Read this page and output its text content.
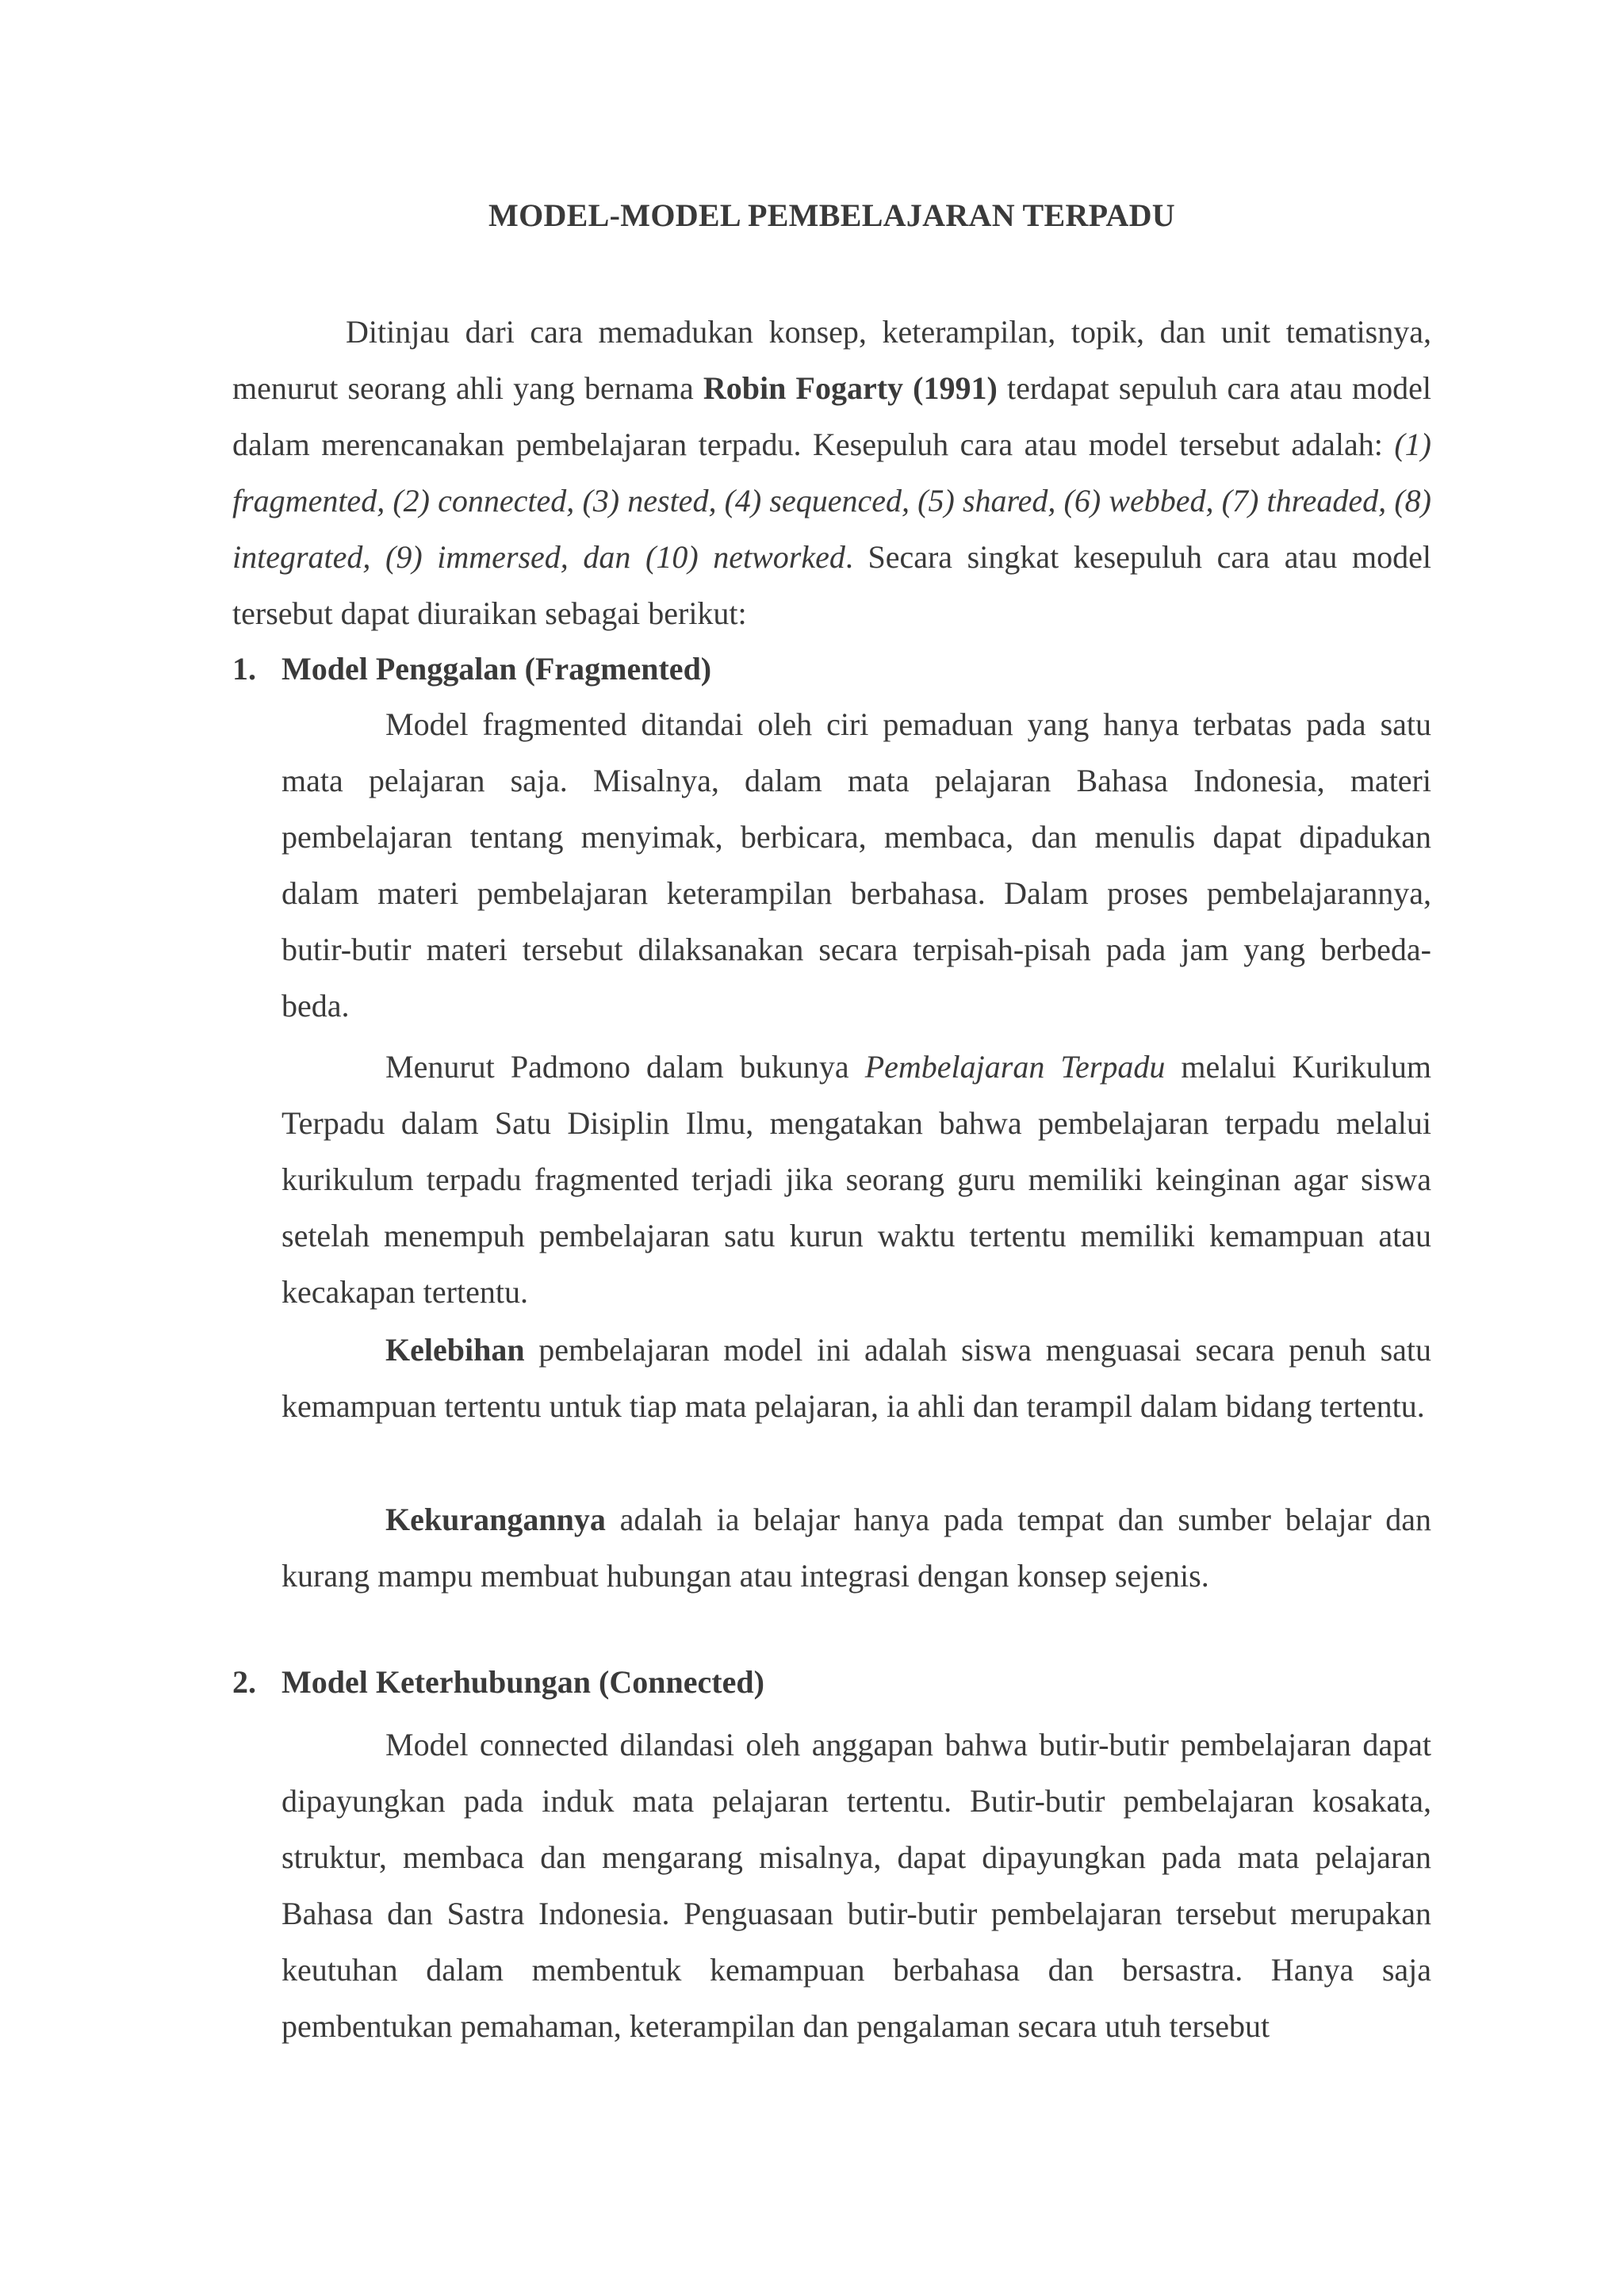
MODEL-MODEL PEMBELAJARAN TERPADU

Ditinjau dari cara memadukan konsep, keterampilan, topik, dan unit tematisnya, menurut seorang ahli yang bernama Robin Fogarty (1991) terdapat sepuluh cara atau model dalam merencanakan pembelajaran terpadu. Kesepuluh cara atau model tersebut adalah: (1) fragmented, (2) connected, (3) nested, (4) sequenced, (5) shared, (6) webbed, (7) threaded, (8) integrated, (9) immersed, dan (10) networked. Secara singkat kesepuluh cara atau model tersebut dapat diuraikan sebagai berikut:

1. Model Penggalan (Fragmented)

Model fragmented ditandai oleh ciri pemaduan yang hanya terbatas pada satu mata pelajaran saja. Misalnya, dalam mata pelajaran Bahasa Indonesia, materi pembelajaran tentang menyimak, berbicara, membaca, dan menulis dapat dipadukan dalam materi pembelajaran keterampilan berbahasa. Dalam proses pembelajarannya, butir-butir materi tersebut dilaksanakan secara terpisah-pisah pada jam yang berbeda-beda.

Menurut Padmono dalam bukunya Pembelajaran Terpadu melalui Kurikulum Terpadu dalam Satu Disiplin Ilmu, mengatakan bahwa pembelajaran terpadu melalui kurikulum terpadu fragmented terjadi jika seorang guru memiliki keinginan agar siswa setelah menempuh pembelajaran satu kurun waktu tertentu memiliki kemampuan atau kecakapan tertentu.

Kelebihan pembelajaran model ini adalah siswa menguasai secara penuh satu kemampuan tertentu untuk tiap mata pelajaran, ia ahli dan terampil dalam bidang tertentu.

Kekurangannya adalah ia belajar hanya pada tempat dan sumber belajar dan kurang mampu membuat hubungan atau integrasi dengan konsep sejenis.

2. Model Keterhubungan (Connected)

Model connected dilandasi oleh anggapan bahwa butir-butir pembelajaran dapat dipayungkan pada induk mata pelajaran tertentu. Butir-butir pembelajaran kosakata, struktur, membaca dan mengarang misalnya, dapat dipayungkan pada mata pelajaran Bahasa dan Sastra Indonesia. Penguasaan butir-butir pembelajaran tersebut merupakan keutuhan dalam membentuk kemampuan berbahasa dan bersastra. Hanya saja pembentukan pemahaman, keterampilan dan pengalaman secara utuh tersebut
